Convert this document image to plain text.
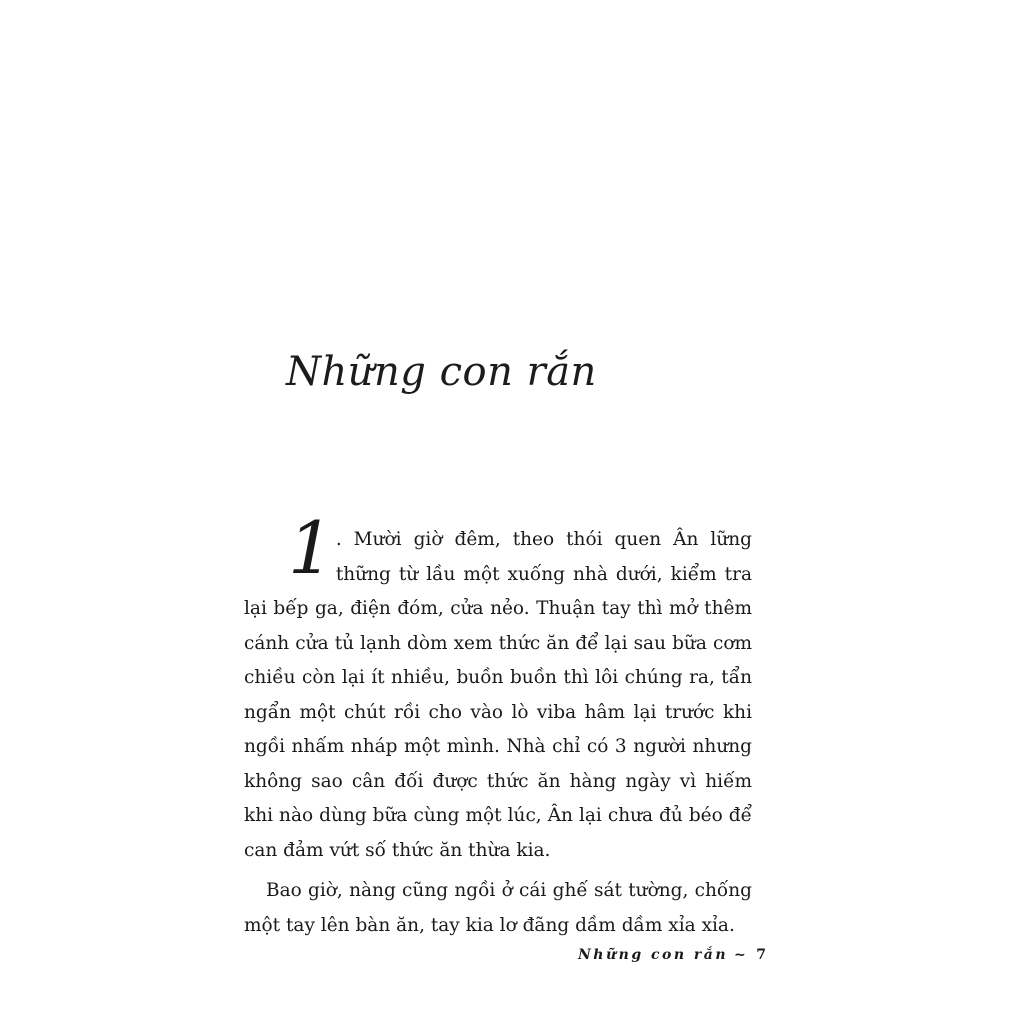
Những con rắn
1 . Mười giờ đêm, theo thói quen Ân lững thững từ lầu một xuống nhà dưới, kiểm tra lại bếp ga, điện đóm, cửa nẻo. Thuận tay thì mở thêm cánh cửa tủ lạnh dòm xem thức ăn để lại sau bữa cơm chiều còn lại ít nhiều, buồn buồn thì lôi chúng ra, tẩn ngẩn một chút rồi cho vào lò viba hâm lại trước khi ngồi nhấm nháp một mình. Nhà chỉ có 3 người nhưng không sao cân đối được thức ăn hàng ngày vì hiếm khi nào dùng bữa cùng một lúc, Ân lại chưa đủ béo để can đảm vứt số thức ăn thừa kia.

Bao giờ, nàng cũng ngồi ở cái ghế sát tường, chống một tay lên bàn ăn, tay kia lơ đãng dầm dầm xỉa xỉa.

Những con rắn ~ 7
